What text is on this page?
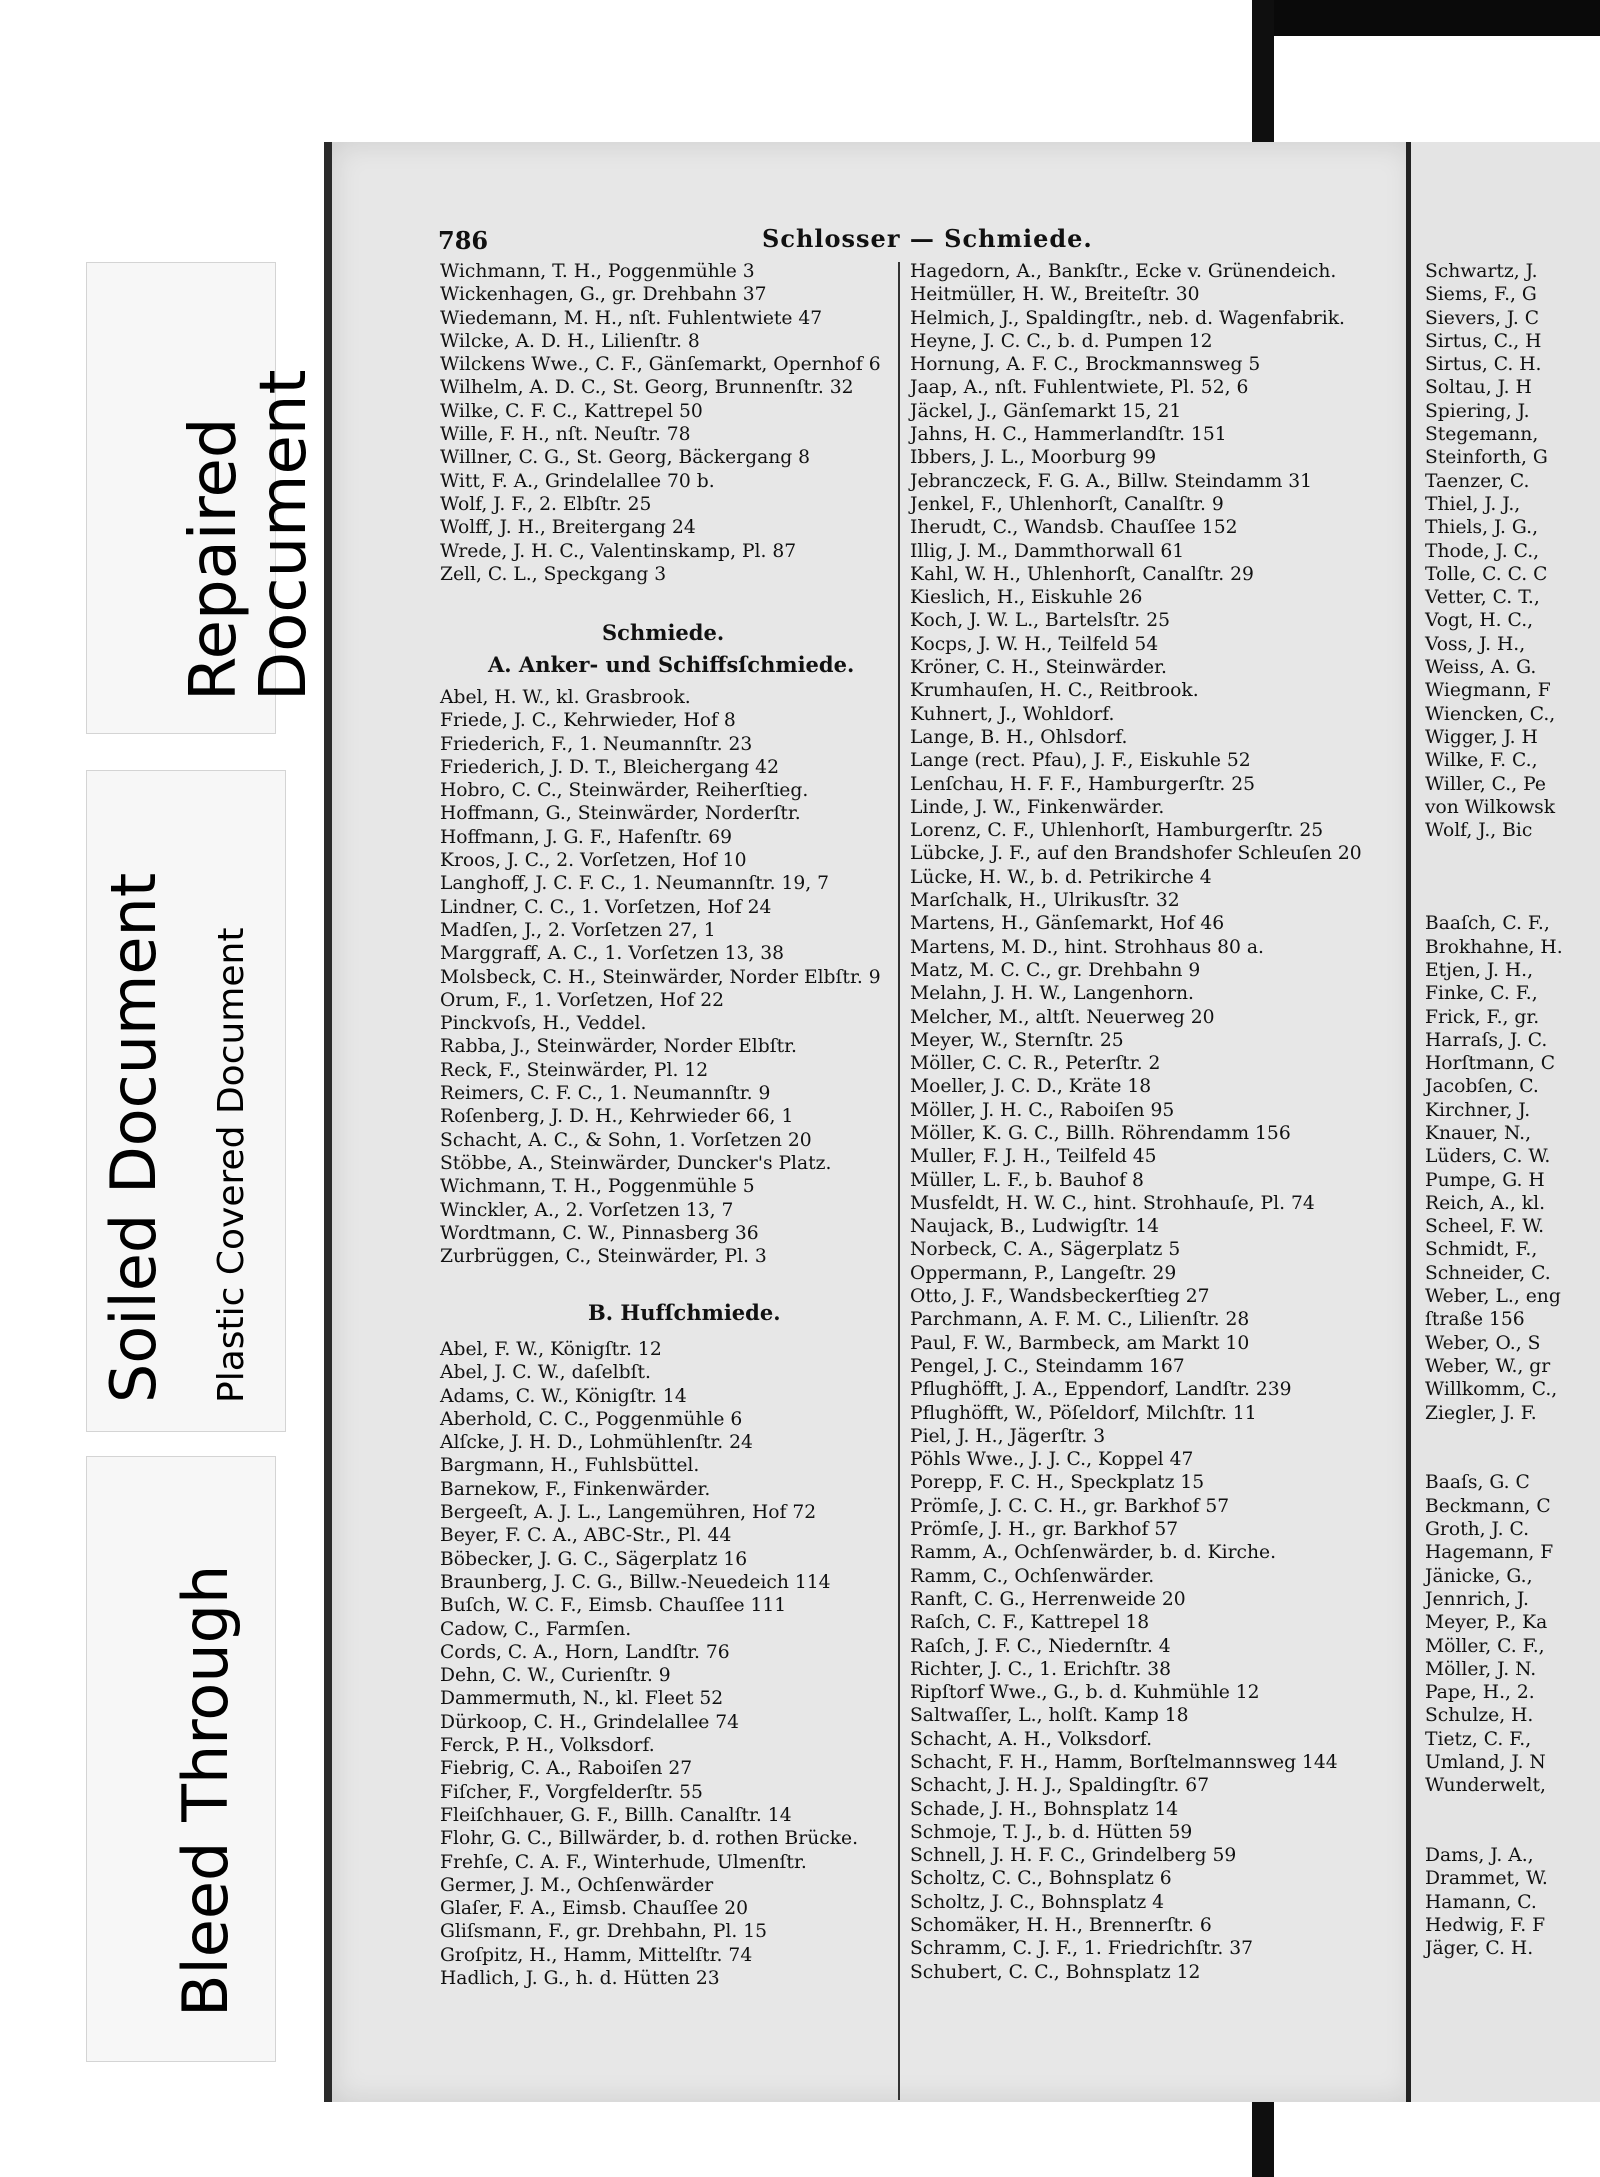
Repaired Document
Soiled Document Plastic Covered Document
Bleed Through
786	Schlosser — Schmiede.
Wichmann, T. H., Poggenmühle 3
Wickenhagen, G., gr. Drehbahn 37
Wiedemann, M. H., nſt. Fuhlentwiete 47
Wilcke, A. D. H., Lilienſtr. 8
Wilckens Wwe., C. F., Gänſemarkt, Opernhof 6
Wilhelm, A. D. C., St. Georg, Brunnenſtr. 32
Wilke, C. F. C., Kattrepel 50
Wille, F. H., nſt. Neuſtr. 78
Willner, C. G., St. Georg, Bäckergang 8
Witt, F. A., Grindelallee 70 b.
Wolf, J. F., 2. Elbſtr. 25
Wolff, J. H., Breitergang 24
Wrede, J. H. C., Valentinskamp, Pl. 87
Zell, C. L., Speckgang 3
Schmiede.
A. Anker- und Schiffsſchmiede.
Abel, H. W., kl. Grasbrook.
Friede, J. C., Kehrwieder, Hof 8
Friederich, F., 1. Neumannſtr. 23
Friederich, J. D. T., Bleichergang 42
Hobro, C. C., Steinwärder, Reiherſtieg.
Hoffmann, G., Steinwärder, Norderſtr.
Hoffmann, J. G. F., Hafenſtr. 69
Kroos, J. C., 2. Vorſetzen, Hof 10
Langhoff, J. C. F. C., 1. Neumannſtr. 19, 7
Lindner, C. C., 1. Vorſetzen, Hof 24
Madſen, J., 2. Vorſetzen 27, 1
Marggraff, A. C., 1. Vorſetzen 13, 38
Molsbeck, C. H., Steinwärder, Norder Elbſtr. 9
Orum, F., 1. Vorſetzen, Hof 22
Pinckvoſs, H., Veddel.
Rabba, J., Steinwärder, Norder Elbſtr.
Reck, F., Steinwärder, Pl. 12
Reimers, C. F. C., 1. Neumannſtr. 9
Roſenberg, J. D. H., Kehrwieder 66, 1
Schacht, A. C., & Sohn, 1. Vorſetzen 20
Stöbbe, A., Steinwärder, Duncker's Platz.
Wichmann, T. H., Poggenmühle 5
Winckler, A., 2. Vorſetzen 13, 7
Wordtmann, C. W., Pinnasberg 36
Zurbrüggen, C., Steinwärder, Pl. 3
B. Hufſchmiede.
Abel, F. W., Königſtr. 12
Abel, J. C. W., daſelbſt.
Adams, C. W., Königſtr. 14
Aberhold, C. C., Poggenmühle 6
Alſcke, J. H. D., Lohmühlenſtr. 24
Bargmann, H., Fuhlsbüttel.
Barnekow, F., Finkenwärder.
Bergeeſt, A. J. L., Langemühren, Hof 72
Beyer, F. C. A., ABC-Str., Pl. 44
Böbecker, J. G. C., Sägerplatz 16
Braunberg, J. C. G., Billw.-Neuedeich 114
Buſch, W. C. F., Eimsb. Chauſſee 111
Cadow, C., Farmſen.
Cords, C. A., Horn, Landſtr. 76
Dehn, C. W., Curienſtr. 9
Dammermuth, N., kl. Fleet 52
Dürkoop, C. H., Grindelallee 74
Ferck, P. H., Volksdorf.
Fiebrig, C. A., Raboiſen 27
Fiſcher, F., Vorgfelderſtr. 55
Fleiſchhauer, G. F., Billh. Canalſtr. 14
Flohr, G. C., Billwärder, b. d. rothen Brücke.
Frehſe, C. A. F., Winterhude, Ulmenſtr.
Germer, J. M., Ochſenwärder
Glaſer, F. A., Eimsb. Chauſſee 20
Gliſsmann, F., gr. Drehbahn, Pl. 15
Groſpitz, H., Hamm, Mittelſtr. 74
Hadlich, J. G., h. d. Hütten 23
Hagedorn, A., Bankſtr., Ecke v. Grünendeich.
Heitmüller, H. W., Breiteſtr. 30
Helmich, J., Spaldingſtr., neb. d. Wagenfabrik.
Heyne, J. C. C., b. d. Pumpen 12
Hornung, A. F. C., Brockmannsweg 5
Jaap, A., nſt. Fuhlentwiete, Pl. 52, 6
Jäckel, J., Gänſemarkt 15, 21
Jahns, H. C., Hammerlandſtr. 151
Ibbers, J. L., Moorburg 99
Jebranczeck, F. G. A., Billw. Steindamm 31
Jenkel, F., Uhlenhorſt, Canalſtr. 9
Iherudt, C., Wandsb. Chauſſee 152
Illig, J. M., Dammthorwall 61
Kahl, W. H., Uhlenhorſt, Canalſtr. 29
Kieslich, H., Eiskuhle 26
Koch, J. W. L., Bartelsſtr. 25
Kocps, J. W. H., Teilfeld 54
Kröner, C. H., Steinwärder.
Krumhauſen, H. C., Reitbrook.
Kuhnert, J., Wohldorf.
Lange, B. H., Ohlsdorf.
Lange (rect. Pfau), J. F., Eiskuhle 52
Lenſchau, H. F. F., Hamburgerſtr. 25
Linde, J. W., Finkenwärder.
Lorenz, C. F., Uhlenhorſt, Hamburgerſtr. 25
Lübcke, J. F., auf den Brandshofer Schleuſen 20
Lücke, H. W., b. d. Petrikirche 4
Marſchalk, H., Ulrikusſtr. 32
Martens, H., Gänſemarkt, Hof 46
Martens, M. D., hint. Strohhaus 80 a.
Matz, M. C. C., gr. Drehbahn 9
Melahn, J. H. W., Langenhorn.
Melcher, M., altſt. Neuerweg 20
Meyer, W., Sternſtr. 25
Möller, C. C. R., Peterſtr. 2
Moeller, J. C. D., Kräte 18
Möller, J. H. C., Raboiſen 95
Möller, K. G. C., Billh. Röhrendamm 156
Muller, F. J. H., Teilfeld 45
Müller, L. F., b. Bauhof 8
Musfeldt, H. W. C., hint. Strohhauſe, Pl. 74
Naujack, B., Ludwigſtr. 14
Norbeck, C. A., Sägerplatz 5
Oppermann, P., Langeſtr. 29
Otto, J. F., Wandsbeckerſtieg 27
Parchmann, A. F. M. C., Lilienſtr. 28
Paul, F. W., Barmbeck, am Markt 10
Pengel, J. C., Steindamm 167
Pflughöfft, J. A., Eppendorf, Landſtr. 239
Pflughöfft, W., Pöſeldorf, Milchſtr. 11
Piel, J. H., Jägerſtr. 3
Pöhls Wwe., J. J. C., Koppel 47
Porepp, F. C. H., Speckplatz 15
Prömſe, J. C. C. H., gr. Barkhof 57
Prömſe, J. H., gr. Barkhof 57
Ramm, A., Ochſenwärder, b. d. Kirche.
Ramm, C., Ochſenwärder.
Ranft, C. G., Herrenweide 20
Raſch, C. F., Kattrepel 18
Raſch, J. F. C., Niedernſtr. 4
Richter, J. C., 1. Erichſtr. 38
Ripſtorf Wwe., G., b. d. Kuhmühle 12
Saltwaſſer, L., holſt. Kamp 18
Schacht, A. H., Volksdorf.
Schacht, F. H., Hamm, Borſtelmannsweg 144
Schacht, J. H. J., Spaldingſtr. 67
Schade, J. H., Bohnsplatz 14
Schmoje, T. J., b. d. Hütten 59
Schnell, J. H. F. C., Grindelberg 59
Scholtz, C. C., Bohnsplatz 6
Scholtz, J. C., Bohnsplatz 4
Schomäker, H. H., Brennerſtr. 6
Schramm, C. J. F., 1. Friedrichſtr. 37
Schubert, C. C., Bohnsplatz 12
Schwartz, J.
Siems, F., G
Sievers, J. C
Sirtus, C., H
Sirtus, C. H.
Soltau, J. H
Spiering, J.
Stegemann,
Steinforth, G
Taenzer, C.
Thiel, J. J.,
Thiels, J. G.,
Thode, J. C.,
Tolle, C. C. C
Vetter, C. T.,
Vogt, H. C.,
Voss, J. H.,
Weiss, A. G.
Wiegmann, F
Wiencken, C.,
Wigger, J. H
Wilke, F. C.,
Willer, C., Pe
von Wilkowsk
Wolf, J., Bic
Baaſch, C. F.,
Brokhahne, H.
Etjen, J. H.,
Finke, C. F.,
Frick, F., gr.
Harraſs, J. C.
Horſtmann, C
Jacobſen, C.
Kirchner, J.
Knauer, N.,
Lüders, C. W.
Pumpe, G. H
Reich, A., kl.
Scheel, F. W.
Schmidt, F.,
Schneider, C.
Weber, L., eng
ſtraße 156
Weber, O., S
Weber, W., gr
Willkomm, C.,
Ziegler, J. F.
Baaſs, G. C
Beckmann, C
Groth, J. C.
Hagemann, F
Jänicke, G.,
Jennrich, J.
Meyer, P., Ka
Möller, C. F.,
Möller, J. N.
Pape, H., 2.
Schulze, H.
Tietz, C. F.,
Umland, J. N
Wunderwelt,
Dams, J. A.,
Drammet, W.
Hamann, C.
Hedwig, F. F
Jäger, C. H.
